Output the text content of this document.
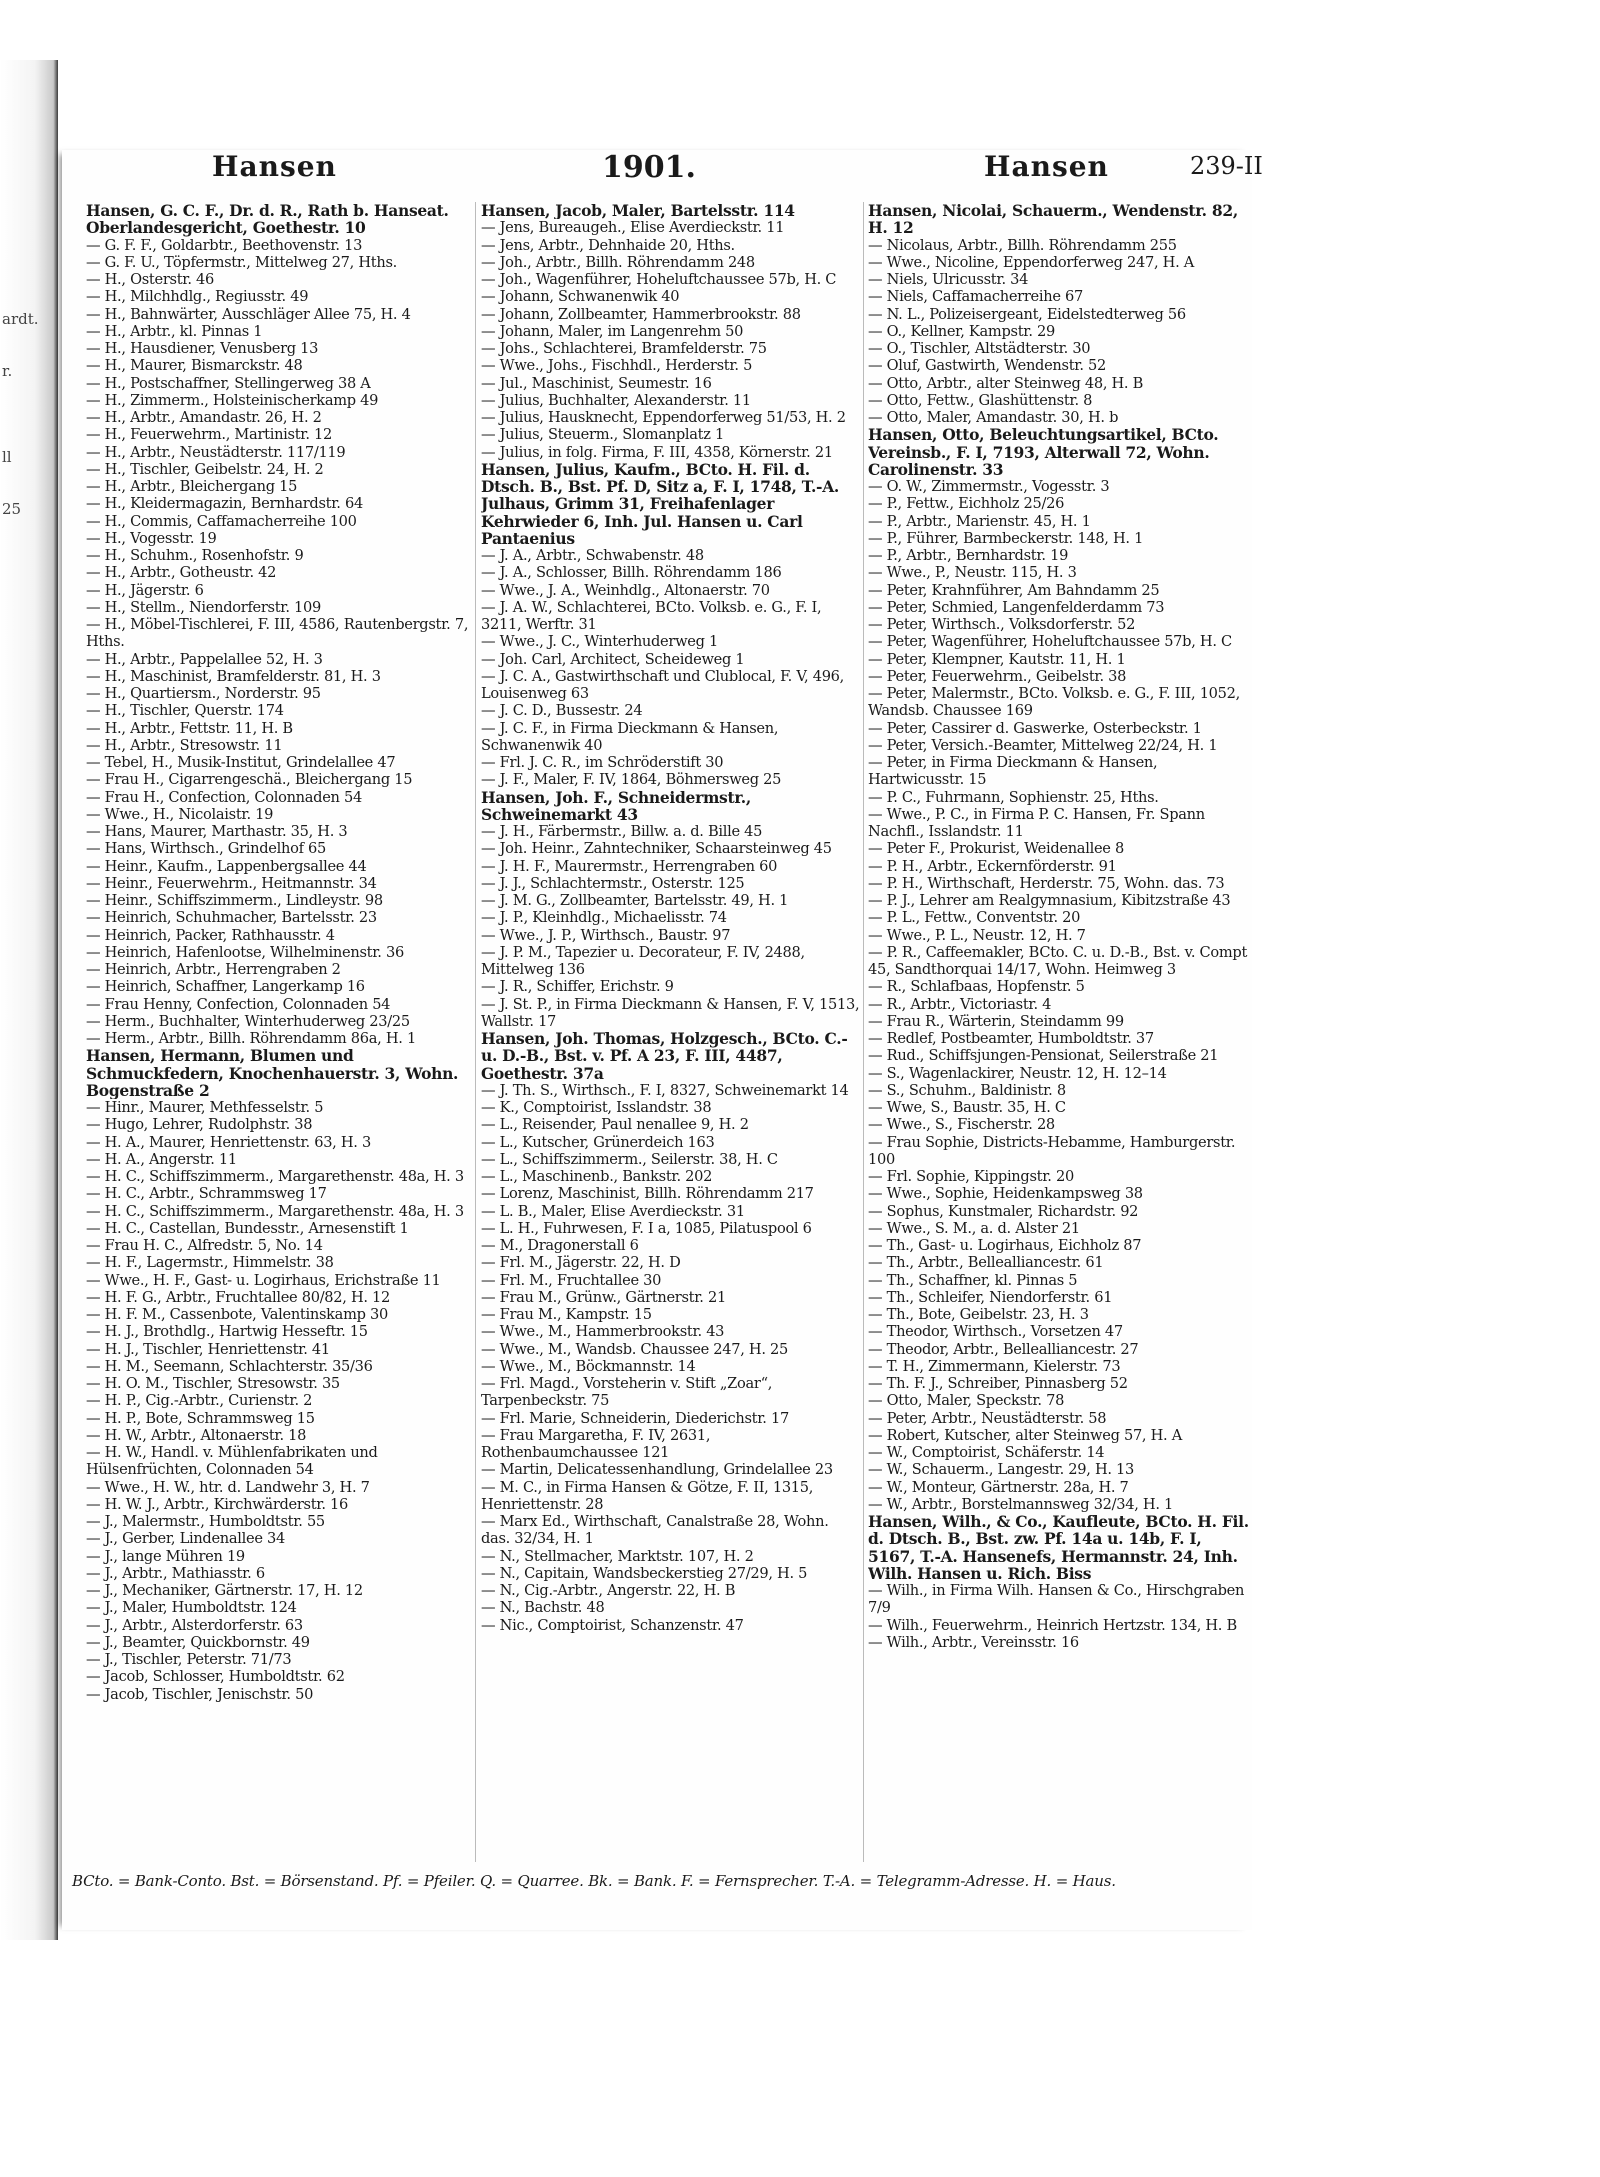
ardt.
r.
ll
25
Hansen	1901.	Hansen	239-II

Hansen, G. C. F., Dr. d. R., Rath b. Hanseat. Oberlandesgericht, Goethestr. 10

— G. F. F., Goldarbtr., Beethovenstr. 13

— G. F. U., Töpfermstr., Mittelweg 27, Hths.

— H., Osterstr. 46

— H., Milchhdlg., Regiusstr. 49

— H., Bahnwärter, Ausschläger Allee 75, H. 4

— H., Arbtr., kl. Pinnas 1

— H., Hausdiener, Venusberg 13

— H., Maurer, Bismarckstr. 48

— H., Postschaffner, Stellingerweg 38 A

— H., Zimmerm., Holsteinischerkamp 49

— H., Arbtr., Amandastr. 26, H. 2

— H., Feuerwehrm., Martinistr. 12

— H., Arbtr., Neustädterstr. 117/119

— H., Tischler, Geibelstr. 24, H. 2

— H., Arbtr., Bleichergang 15

— H., Kleidermagazin, Bernhardstr. 64

— H., Commis, Caffamacherreihe 100

— H., Vogesstr. 19

— H., Schuhm., Rosenhofstr. 9

— H., Arbtr., Gotheustr. 42

— H., Jägerstr. 6

— H., Stellm., Niendorferstr. 109

— H., Möbel-Tischlerei, F. III, 4586, Rautenbergstr. 7, Hths.

— H., Arbtr., Pappelallee 52, H. 3

— H., Maschinist, Bramfelderstr. 81, H. 3

— H., Quartiersm., Norderstr. 95

— H., Tischler, Querstr. 174

— H., Arbtr., Fettstr. 11, H. B

— H., Arbtr., Stresowstr. 11

— Tebel, H., Musik-Institut, Grindelallee 47

— Frau H., Cigarrengeschä., Bleichergang 15

— Frau H., Confection, Colonnaden 54

— Wwe., H., Nicolaistr. 19

— Hans, Maurer, Marthastr. 35, H. 3

— Hans, Wirthsch., Grindelhof 65

— Heinr., Kaufm., Lappenbergsallee 44

— Heinr., Feuerwehrm., Heitmannstr. 34

— Heinr., Schiffszimmerm., Lindleystr. 98

— Heinrich, Schuhmacher, Bartelsstr. 23

— Heinrich, Packer, Rathhausstr. 4

— Heinrich, Hafenlootse, Wilhelminenstr. 36

— Heinrich, Arbtr., Herrengraben 2

— Heinrich, Schaffner, Langerkamp 16

— Frau Henny, Confection, Colonnaden 54

— Herm., Buchhalter, Winterhuderweg 23/25

— Herm., Arbtr., Billh. Röhrendamm 86a, H. 1

Hansen, Hermann, Blumen und Schmuckfedern, Knochenhauerstr. 3, Wohn. Bogenstraße 2

— Hinr., Maurer, Methfesselstr. 5

— Hugo, Lehrer, Rudolphstr. 38

— H. A., Maurer, Henriettenstr. 63, H. 3

— H. A., Angerstr. 11

— H. C., Schiffszimmerm., Margarethenstr. 48a, H. 3

— H. C., Arbtr., Schrammsweg 17

— H. C., Schiffszimmerm., Margarethenstr. 48a, H. 3

— H. C., Castellan, Bundesstr., Arnesenstift 1

— Frau H. C., Alfredstr. 5, No. 14

— H. F., Lagermstr., Himmelstr. 38

— Wwe., H. F., Gast- u. Logirhaus, Erichstraße 11

— H. F. G., Arbtr., Fruchtallee 80/82, H. 12

— H. F. M., Cassenbote, Valentinskamp 30

— H. J., Brothdlg., Hartwig Hesseftr. 15

— H. J., Tischler, Henriettenstr. 41

— H. M., Seemann, Schlachterstr. 35/36

— H. O. M., Tischler, Stresowstr. 35

— H. P., Cig.-Arbtr., Curienstr. 2

— H. P., Bote, Schrammsweg 15

— H. W., Arbtr., Altonaerstr. 18

— H. W., Handl. v. Mühlenfabrikaten und Hülsenfrüchten, Colonnaden 54

— Wwe., H. W., htr. d. Landwehr 3, H. 7

— H. W. J., Arbtr., Kirchwärderstr. 16

— J., Malermstr., Humboldtstr. 55

— J., Gerber, Lindenallee 34

— J., lange Mühren 19

— J., Arbtr., Mathiasstr. 6

— J., Mechaniker, Gärtnerstr. 17, H. 12

— J., Maler, Humboldtstr. 124

— J., Arbtr., Alsterdorferstr. 63

— J., Beamter, Quickbornstr. 49

— J., Tischler, Peterstr. 71/73

— Jacob, Schlosser, Humboldtstr. 62

— Jacob, Tischler, Jenischstr. 50

Hansen, Jacob, Maler, Bartelsstr. 114

— Jens, Bureaugeh., Elise Averdieckstr. 11

— Jens, Arbtr., Dehnhaide 20, Hths.

— Joh., Arbtr., Billh. Röhrendamm 248

— Joh., Wagenführer, Hoheluftchaussee 57b, H. C

— Johann, Schwanenwik 40

— Johann, Zollbeamter, Hammerbrookstr. 88

— Johann, Maler, im Langenrehm 50

— Johs., Schlachterei, Bramfelderstr. 75

— Wwe., Johs., Fischhdl., Herderstr. 5

— Jul., Maschinist, Seumestr. 16

— Julius, Buchhalter, Alexanderstr. 11

— Julius, Hausknecht, Eppendorferweg 51/53, H. 2

— Julius, Steuerm., Slomanplatz 1

— Julius, in folg. Firma, F. III, 4358, Körnerstr. 21

Hansen, Julius, Kaufm., BCto. H. Fil. d. Dtsch. B., Bst. Pf. D, Sitz a, F. I, 1748, T.-A. Julhaus, Grimm 31, Freihafenlager Kehrwieder 6, Inh. Jul. Hansen u. Carl Pantaenius

— J. A., Arbtr., Schwabenstr. 48

— J. A., Schlosser, Billh. Röhrendamm 186

— Wwe., J. A., Weinhdlg., Altonaerstr. 70

— J. A. W., Schlachterei, BCto. Volksb. e. G., F. I, 3211, Werftr. 31

— Wwe., J. C., Winterhuderweg 1

— Joh. Carl, Architect, Scheideweg 1

— J. C. A., Gastwirthschaft und Clublocal, F. V, 496, Louisenweg 63

— J. C. D., Bussestr. 24

— J. C. F., in Firma Dieckmann & Hansen, Schwanenwik 40

— Frl. J. C. R., im Schröderstift 30

— J. F., Maler, F. IV, 1864, Böhmersweg 25

Hansen, Joh. F., Schneidermstr., Schweinemarkt 43

— J. H., Färbermstr., Billw. a. d. Bille 45

— Joh. Heinr., Zahntechniker, Schaarsteinweg 45

— J. H. F., Maurermstr., Herrengraben 60

— J. J., Schlachtermstr., Osterstr. 125

— J. M. G., Zollbeamter, Bartelsstr. 49, H. 1

— J. P., Kleinhdlg., Michaelisstr. 74

— Wwe., J. P., Wirthsch., Baustr. 97

— J. P. M., Tapezier u. Decorateur, F. IV, 2488, Mittelweg 136

— J. R., Schiffer, Erichstr. 9

— J. St. P., in Firma Dieckmann & Hansen, F. V, 1513, Wallstr. 17

Hansen, Joh. Thomas, Holzgesch., BCto. C.- u. D.-B., Bst. v. Pf. A 23, F. III, 4487, Goethestr. 37a

— J. Th. S., Wirthsch., F. I, 8327, Schweinemarkt 14

— K., Comptoirist, Isslandstr. 38

— L., Reisender, Paul nenallee 9, H. 2

— L., Kutscher, Grünerdeich 163

— L., Schiffszimmerm., Seilerstr. 38, H. C

— L., Maschinenb., Bankstr. 202

— Lorenz, Maschinist, Billh. Röhrendamm 217

— L. B., Maler, Elise Averdieckstr. 31

— L. H., Fuhrwesen, F. I a, 1085, Pilatuspool 6

— M., Dragonerstall 6

— Frl. M., Jägerstr. 22, H. D

— Frl. M., Fruchtallee 30

— Frau M., Grünw., Gärtnerstr. 21

— Frau M., Kampstr. 15

— Wwe., M., Hammerbrookstr. 43

— Wwe., M., Wandsb. Chaussee 247, H. 25

— Wwe., M., Böckmannstr. 14

— Frl. Magd., Vorsteherin v. Stift „Zoar“, Tarpenbeckstr. 75

— Frl. Marie, Schneiderin, Diederichstr. 17

— Frau Margaretha, F. IV, 2631, Rothenbaumchaussee 121

— Martin, Delicatessenhandlung, Grindelallee 23

— M. C., in Firma Hansen & Götze, F. II, 1315, Henriettenstr. 28

— Marx Ed., Wirthschaft, Canalstraße 28, Wohn. das. 32/34, H. 1

— N., Stellmacher, Marktstr. 107, H. 2

— N., Capitain, Wandsbeckerstieg 27/29, H. 5

— N., Cig.-Arbtr., Angerstr. 22, H. B

— N., Bachstr. 48

— Nic., Comptoirist, Schanzenstr. 47

Hansen, Nicolai, Schauerm., Wendenstr. 82, H. 12

— Nicolaus, Arbtr., Billh. Röhrendamm 255

— Wwe., Nicoline, Eppendorferweg 247, H. A

— Niels, Ulricusstr. 34

— Niels, Caffamacherreihe 67

— N. L., Polizeisergeant, Eidelstedterweg 56

— O., Kellner, Kampstr. 29

— O., Tischler, Altstädterstr. 30

— Oluf, Gastwirth, Wendenstr. 52

— Otto, Arbtr., alter Steinweg 48, H. B

— Otto, Fettw., Glashüttenstr. 8

— Otto, Maler, Amandastr. 30, H. b

Hansen, Otto, Beleuchtungsartikel, BCto. Vereinsb., F. I, 7193, Alterwall 72, Wohn. Carolinenstr. 33

— O. W., Zimmermstr., Vogesstr. 3

— P., Fettw., Eichholz 25/26

— P., Arbtr., Marienstr. 45, H. 1

— P., Führer, Barmbeckerstr. 148, H. 1

— P., Arbtr., Bernhardstr. 19

— Wwe., P., Neustr. 115, H. 3

— Peter, Krahnführer, Am Bahndamm 25

— Peter, Schmied, Langenfelderdamm 73

— Peter, Wirthsch., Volksdorferstr. 52

— Peter, Wagenführer, Hoheluftchaussee 57b, H. C

— Peter, Klempner, Kautstr. 11, H. 1

— Peter, Feuerwehrm., Geibelstr. 38

— Peter, Malermstr., BCto. Volksb. e. G., F. III, 1052, Wandsb. Chaussee 169

— Peter, Cassirer d. Gaswerke, Osterbeckstr. 1

— Peter, Versich.-Beamter, Mittelweg 22/24, H. 1

— Peter, in Firma Dieckmann & Hansen, Hartwicusstr. 15

— P. C., Fuhrmann, Sophienstr. 25, Hths.

— Wwe., P. C., in Firma P. C. Hansen, Fr. Spann Nachfl., Isslandstr. 11

— Peter F., Prokurist, Weidenallee 8

— P. H., Arbtr., Eckernförderstr. 91

— P. H., Wirthschaft, Herderstr. 75, Wohn. das. 73

— P. J., Lehrer am Realgymnasium, Kibitzstraße 43

— P. L., Fettw., Conventstr. 20

— Wwe., P. L., Neustr. 12, H. 7

— P. R., Caffeemakler, BCto. C. u. D.-B., Bst. v. Compt 45, Sandthorquai 14/17, Wohn. Heimweg 3

— R., Schlafbaas, Hopfenstr. 5

— R., Arbtr., Victoriastr. 4

— Frau R., Wärterin, Steindamm 99

— Redlef, Postbeamter, Humboldtstr. 37

— Rud., Schiffsjungen-Pensionat, Seilerstraße 21

— S., Wagenlackirer, Neustr. 12, H. 12–14

— S., Schuhm., Baldinistr. 8

— Wwe, S., Baustr. 35, H. C

— Wwe., S., Fischerstr. 28

— Frau Sophie, Districts-Hebamme, Hamburgerstr. 100

— Frl. Sophie, Kippingstr. 20

— Wwe., Sophie, Heidenkampsweg 38

— Sophus, Kunstmaler, Richardstr. 92

— Wwe., S. M., a. d. Alster 21

— Th., Gast- u. Logirhaus, Eichholz 87

— Th., Arbtr., Bellealliancestr. 61

— Th., Schaffner, kl. Pinnas 5

— Th., Schleifer, Niendorferstr. 61

— Th., Bote, Geibelstr. 23, H. 3

— Theodor, Wirthsch., Vorsetzen 47

— Theodor, Arbtr., Bellealliancestr. 27

— T. H., Zimmermann, Kielerstr. 73

— Th. F. J., Schreiber, Pinnasberg 52

— Otto, Maler, Speckstr. 78

— Peter, Arbtr., Neustädterstr. 58

— Robert, Kutscher, alter Steinweg 57, H. A

— W., Comptoirist, Schäferstr. 14

— W., Schauerm., Langestr. 29, H. 13

— W., Monteur, Gärtnerstr. 28a, H. 7

— W., Arbtr., Borstelmannsweg 32/34, H. 1

Hansen, Wilh., & Co., Kaufleute, BCto. H. Fil. d. Dtsch. B., Bst. zw. Pf. 14a u. 14b, F. I, 5167, T.-A. Hansenefs, Hermannstr. 24, Inh. Wilh. Hansen u. Rich. Biss

— Wilh., in Firma Wilh. Hansen & Co., Hirschgraben 7/9

— Wilh., Feuerwehrm., Heinrich Hertzstr. 134, H. B

— Wilh., Arbtr., Vereinsstr. 16

BCto. = Bank-Conto. Bst. = Börsenstand. Pf. = Pfeiler. Q. = Quarree. Bk. = Bank. F. = Fernsprecher. T.-A. = Telegramm-Adresse. H. = Haus.
